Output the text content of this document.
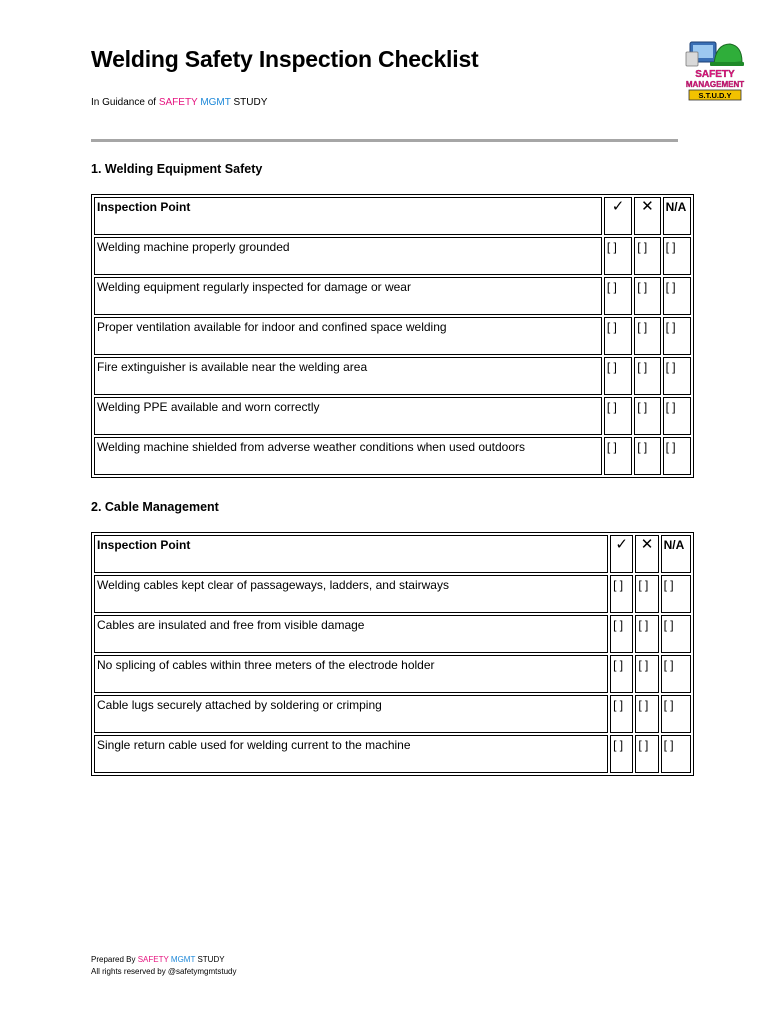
Welding Safety Inspection Checklist
In Guidance of SAFETY MGMT STUDY
SAFETY
MANAGEMENT
S.T.U.D.Y
1. Welding Equipment Safety
Inspection Point	✓	✕	N/A
Welding machine properly grounded	[ ]	[ ]	[ ]
Welding equipment regularly inspected for damage or wear	[ ]	[ ]	[ ]
Proper ventilation available for indoor and confined space welding	[ ]	[ ]	[ ]
Fire extinguisher is available near the welding area	[ ]	[ ]	[ ]
Welding PPE available and worn correctly	[ ]	[ ]	[ ]
Welding machine shielded from adverse weather conditions when used outdoors	[ ]	[ ]	[ ]
2. Cable Management
Inspection Point	✓	✕	N/A
Welding cables kept clear of passageways, ladders, and stairways	[ ]	[ ]	[ ]
Cables are insulated and free from visible damage	[ ]	[ ]	[ ]
No splicing of cables within three meters of the electrode holder	[ ]	[ ]	[ ]
Cable lugs securely attached by soldering or crimping	[ ]	[ ]	[ ]
Single return cable used for welding current to the machine	[ ]	[ ]	[ ]
Prepared By SAFETY MGMT STUDY
All rights reserved by @safetymgmtstudy
